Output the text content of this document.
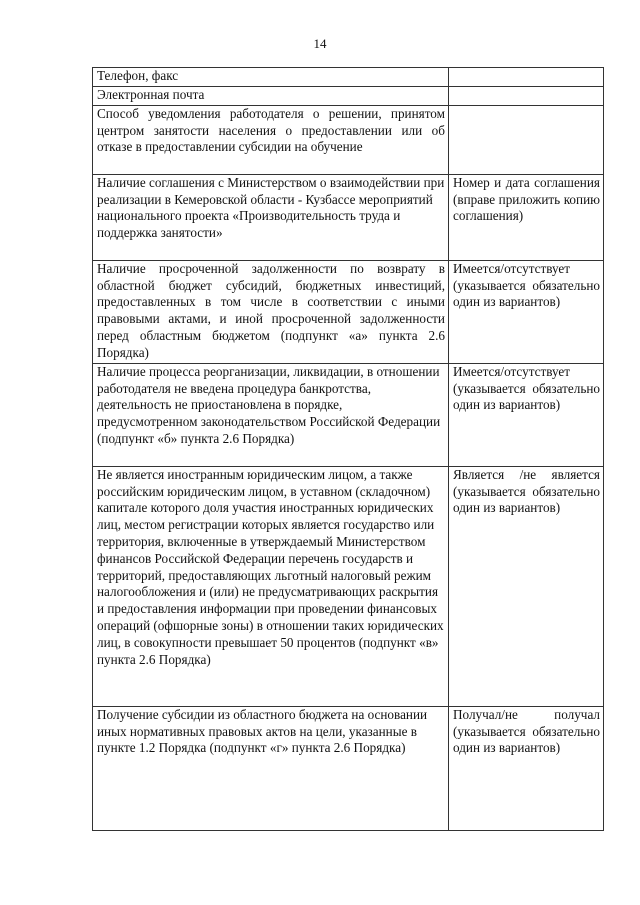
14
Телефон, факс	
Электронная почта	
Способ уведомления работодателя о решении, принятом центром занятости населения о предоставлении или об отказе в предоставлении субсидии на обучение	
Наличие соглашения с Министерством о взаимодействии при реализации в Кемеровской области - Кузбассе мероприятий национального проекта «Производительность труда и поддержка занятости»	Номер и дата соглашения (вправе приложить копию соглашения)
Наличие просроченной задолженности по возврату в областной бюджет субсидий, бюджетных инвестиций, предоставленных в том числе в соответствии с иными правовыми актами, и иной просроченной задолженности перед областным бюджетом (подпункт «а» пункта 2.6 Порядка)	Имеется/отсутствует (указывается обязательно один из вариантов)
Наличие процесса реорганизации, ликвидации, в отношении работодателя не введена процедура банкротства, деятельность не приостановлена в порядке, предусмотренном законодательством Российской Федерации (подпункт «б» пункта 2.6 Порядка)	Имеется/отсутствует (указывается обязательно один из вариантов)
Не является иностранным юридическим лицом, а также российским юридическим лицом, в уставном (складочном) капитале которого доля участия иностранных юридических лиц, местом регистрации которых является государство или территория, включенные в утверждаемый Министерством финансов Российской Федерации перечень государств и территорий, предоставляющих льготный налоговый режим налогообложения и (или) не предусматривающих раскрытия и предоставления информации при проведении финансовых операций (офшорные зоны) в отношении таких юридических лиц, в совокупности превышает 50 процентов (подпункт «в» пункта 2.6 Порядка)	Является /не является (указывается обязательно один из вариантов)
Получение субсидии из областного бюджета на основании иных нормативных правовых актов на цели, указанные в пункте 1.2 Порядка (подпункт «г» пункта 2.6 Порядка)	Получал/не получал (указывается обязательно один из вариантов)
